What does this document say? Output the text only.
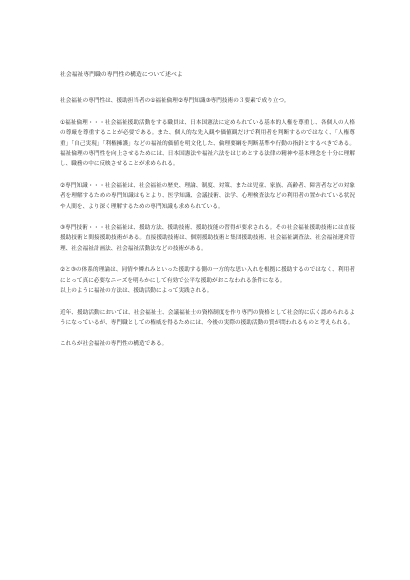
社会福祉専門職の専門性の構造について述べよ

社会福祉の専門性は、援助担当者の①福祉倫理②専門知識③専門技術の３要素で成り立つ。

①福祉倫理・・・社会福祉援助活動をする職員は、日本国憲法に定められている基本的人権を尊重し、各個人の人格の尊厳を尊重することが必要である。また、個人的な先入観や価値観だけで利用者を判断するのではなく、「人権尊重」「自己実現」「利権擁護」などの福祉的価値を明文化した、倫理要綱を判断基準や行動の指針とするべきである。福祉倫理の専門性を向上させるためには、日本国憲法や福祉六法をはじめとする法律の精神や基本理念を十分に理解し、職務の中に反映させることが求められる。

②専門知識・・・社会福祉は、社会福祉の歴史、理論、制度、対策、または児童、家族、高齢者、障害者などの対象者を理解するための専門知識はもとより、医学知識、会議技術、法学、心理検査法などの利用者の置かれている状況や人間を、より深く理解するための専門知識も求められている。

③専門技術・・・社会福祉は、援助方法、援助技術、援助技能の習得が要求される。その社会福祉援助技術には直接援助技術と間接援助技術がある。直接援助技術は、個別援助技術と集団援助技術、社会福祉調査法、社会福祉運営管理、社会福祉計画法、社会福祉活動法などの技術がある。

②と③の体系的理論は、同情や憐れみといった援助する側の一方的な思い入れを根拠に援助するのではなく、利用者にとって真に必要なニーズを明らかにして有効で公平な援助がおこなわれる条件になる。

以上のように福祉の方法は、援助活動によって実践される。

近年、援助活動においては、社会福祉士、会議福祉士の資格制度を作り専門の資格として社会的に広く認められるようになっているが、専門職としての権威を得るためには、今後の実際の援助活動の質が問われるものと考えられる。

これらが社会福祉の専門性の構造である。
